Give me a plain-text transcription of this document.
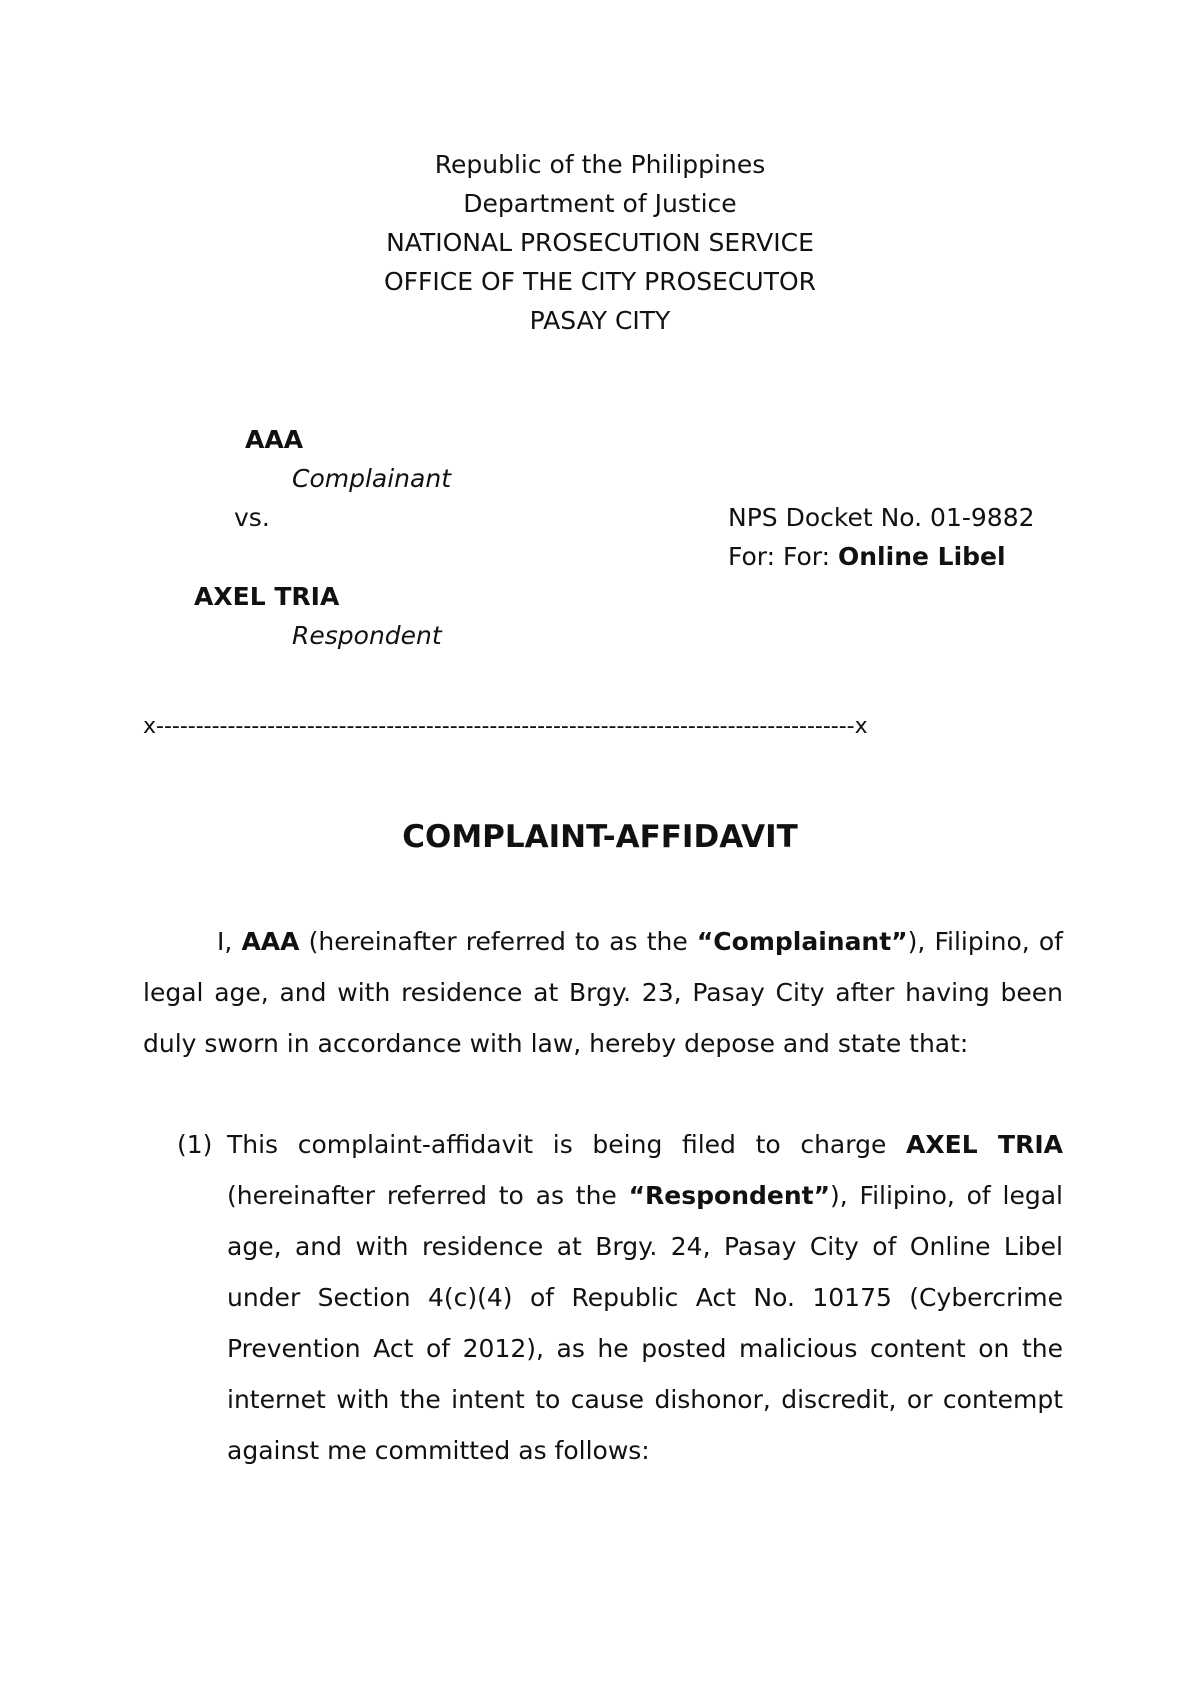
Republic of the Philippines
Department of Justice
NATIONAL PROSECUTION SERVICE
OFFICE OF THE CITY PROSECUTOR
PASAY CITY
AAA
Complainant
vs.
AXEL TRIA
Respondent
NPS Docket No. 01-9882
For: For: Online Libel
x----------------------------------------------------------------------------------------x
COMPLAINT-AFFIDAVIT
I, AAA (hereinafter referred to as the “Complainant”), Filipino, of legal age, and with residence at Brgy. 23, Pasay City after having been duly sworn in accordance with law, hereby depose and state that:
(1) This complaint-affidavit is being filed to charge AXEL TRIA (hereinafter referred to as the “Respondent”), Filipino, of legal age, and with residence at Brgy. 24, Pasay City of Online Libel under Section 4(c)(4) of Republic Act No. 10175 (Cybercrime Prevention Act of 2012), as he posted malicious content on the internet with the intent to cause dishonor, discredit, or contempt against me committed as follows:
